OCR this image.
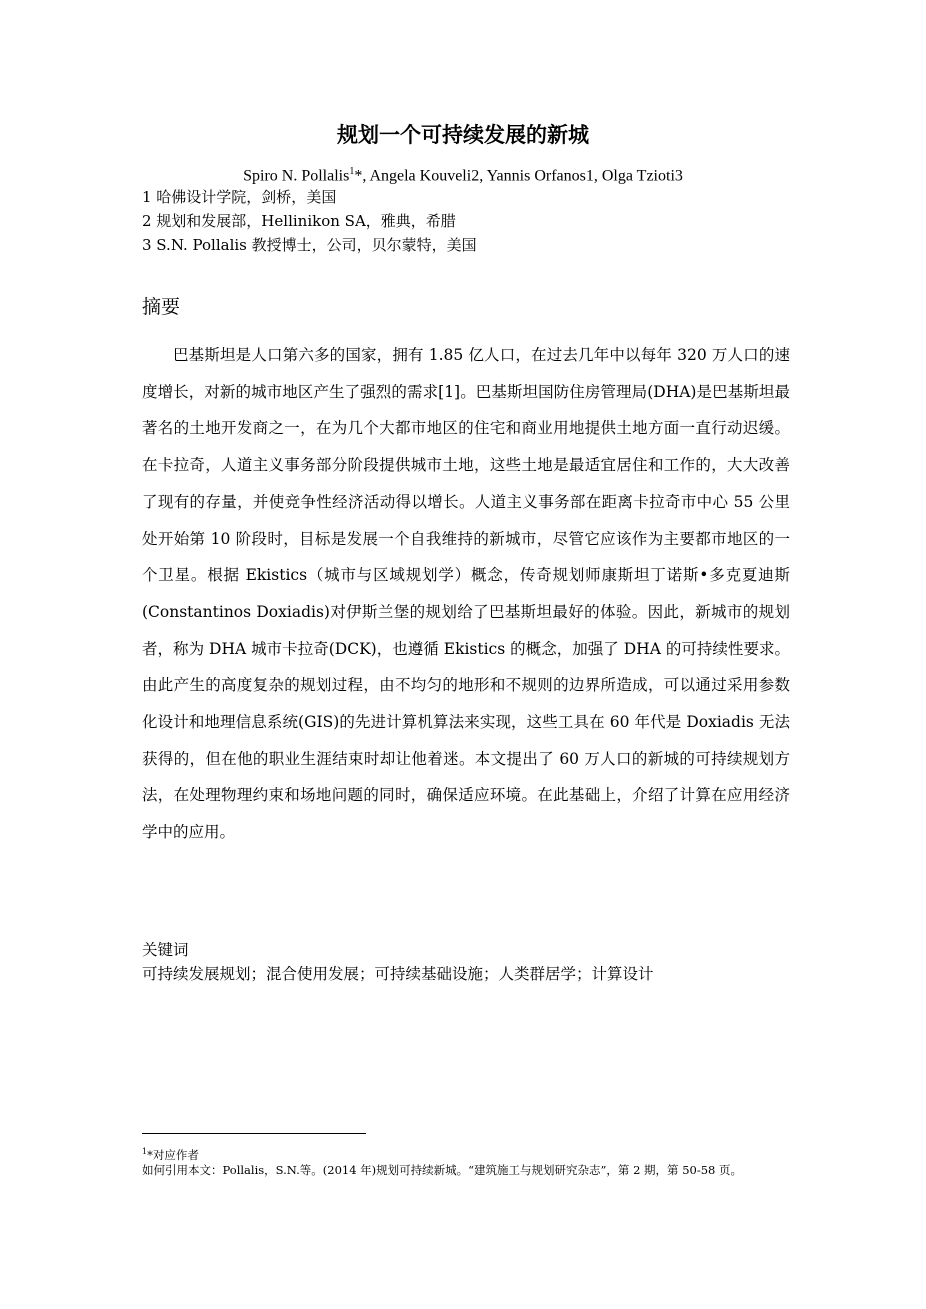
规划一个可持续发展的新城
Spiro N. Pollalis$^1$*, Angela Kouveli2, Yannis Orfanos1, Olga Tzioti3
1 哈佛设计学院，剑桥，美国
2 规划和发展部，Hellinikon SA，雅典，希腊
3 S.N. Pollalis 教授博士，公司，贝尔蒙特，美国
摘要

巴基斯坦是人口第六多的国家，拥有 1.85 亿人口，在过去几年中以每年 320 万人口的速度增长，对新的城市地区产生了强烈的需求[1]。巴基斯坦国防住房管理局(DHA)是巴基斯坦最著名的土地开发商之一，在为几个大都市地区的住宅和商业用地提供土地方面一直行动迟缓。在卡拉奇，人道主义事务部分阶段提供城市土地，这些土地是最适宜居住和工作的，大大改善了现有的存量，并使竞争性经济活动得以增长。人道主义事务部在距离卡拉奇市中心 55 公里处开始第 10 阶段时，目标是发展一个自我维持的新城市，尽管它应该作为主要都市地区的一个卫星。根据 Ekistics（城市与区域规划学）概念，传奇规划师康斯坦丁诺斯•多克夏迪斯(Constantinos Doxiadis)对伊斯兰堡的规划给了巴基斯坦最好的体验。因此，新城市的规划者，称为 DHA 城市卡拉奇(DCK)，也遵循 Ekistics 的概念，加强了 DHA 的可持续性要求。由此产生的高度复杂的规划过程，由不均匀的地形和不规则的边界所造成，可以通过采用参数化设计和地理信息系统(GIS)的先进计算机算法来实现，这些工具在 60 年代是 Doxiadis 无法获得的，但在他的职业生涯结束时却让他着迷。本文提出了 60 万人口的新城的可持续规划方法，在处理物理约束和场地问题的同时，确保适应环境。在此基础上，介绍了计算在应用经济学中的应用。

关键词
可持续发展规划；混合使用发展；可持续基础设施；人类群居学；计算设计

$^1$*对应作者

如何引用本文：Pollalis，S.N.等。(2014 年)规划可持续新城。“建筑施工与规划研究杂志”，第 2 期，第 50-58 页。
